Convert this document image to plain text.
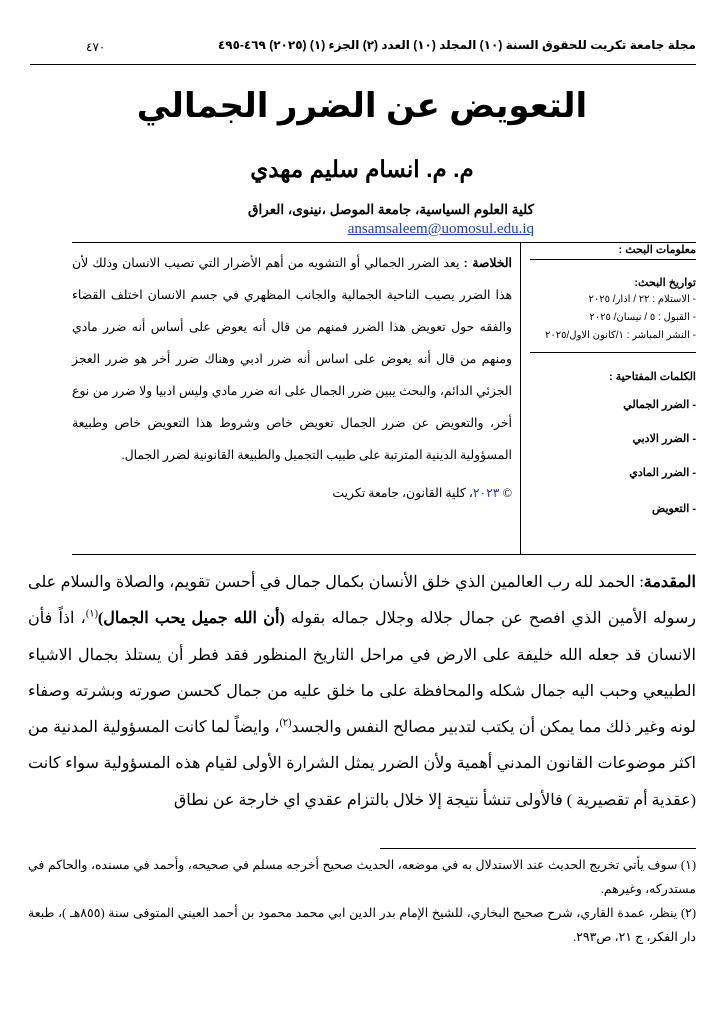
مجلة جامعة تكريت للحقوق السنة (١٠) المجلد (١٠) العدد (٢) الجزء (١) (٢٠٢٥) ٤٦٩-٤٩٥
٤٧٠
التعويض عن الضرر الجمالي
م. م. انسام سليم مهدي
كلية العلوم السياسية، جامعة الموصل ،نينوى، العراق
ansamsaleem@uomosul.edu.iq
معلومات البحث :
تواريخ البحث:
- الاستلام : ٢٢ / اذار/ ٢٠٢٥
- القبول : ٥ / نيسان/ ٢٠٢٥
- النشر المباشر : ١/كانون الاول/٢٠٢٥
الكلمات المفتاحية :
- الضرر الجمالي
- الضرر الادبي
- الضرر المادي
- التعويض
الخلاصة : يعد الضرر الجمالي أو التشويه من أهم الأضرار التي تصيب الانسان وذلك لأن هذا الضرر يصيب الناحية الجمالية والجانب المظهري في جسم الانسان اختلف القضاء والفقه حول تعويض هذا الضرر فمنهم من قال أنه يعوض على أساس أنه ضرر مادي ومنهم من قال أنه يعوض على اساس أنه ضرر ادبي وهناك ضرر أخر هو ضرر العجز الجزئي الدائم، والبحث يبين ضرر الجمال على انه ضرر مادي وليس ادبيا ولا ضرر من نوع أخر، والتعويض عن ضرر الجمال تعويض خاص وشروط هذا التعويض خاص وطبيعة المسؤولية الدينية المترتبة على طبيب التجميل والطبيعة القانونية لضرر الجمال.
© ٢٠٢٣، كلية القانون، جامعة تكريت
المقدمة: الحمد لله رب العالمين الذي خلق الأنسان بكمال جمال في أحسن تقويم، والصلاة والسلام على رسوله الأمين الذي افصح عن جمال جلاله وجلال جماله بقوله (أن الله جميل يحب الجمال)$^{(١)}$، اذاً فأن الانسان قد جعله الله خليفة على الارض في مراحل التاريخ المنظور فقد فطر أن يستلذ بجمال الاشياء الطبيعي وحبب اليه جمال شكله والمحافظة على ما خلق عليه من جمال كحسن صورته وبشرته وصفاء لونه وغير ذلك مما يمكن أن يكتب لتدبير مصالح النفس والجسد$^{(٢)}$، وايضاً لما كانت المسؤولية المدنية من اكثر موضوعات القانون المدني أهمية ولأن الضرر يمثل الشرارة الأولى لقيام هذه المسؤولية سواء كانت (عقدية أم تقصيرية ) فالأولى تنشأ نتيجة إلا خلال بالتزام عقدي اي خارجة عن نطاق
(١) سوف يأتي تخريج الحديث عند الاستدلال به في موضعه، الحديث صحيح أخرجه مسلم في صحيحه، وأحمد في مسنده، والحاكم في مستدركه، وغيرهم.
(٢) ينظر، عمدة القاري، شرح صحيح البخاري، للشيخ الإمام بدر الدين ابي محمد محمود بن أحمد العيني المتوفى سنة (٨٥٥هـ )، طبعة دار الفكر، ج ٢١، ص٢٩٣.
